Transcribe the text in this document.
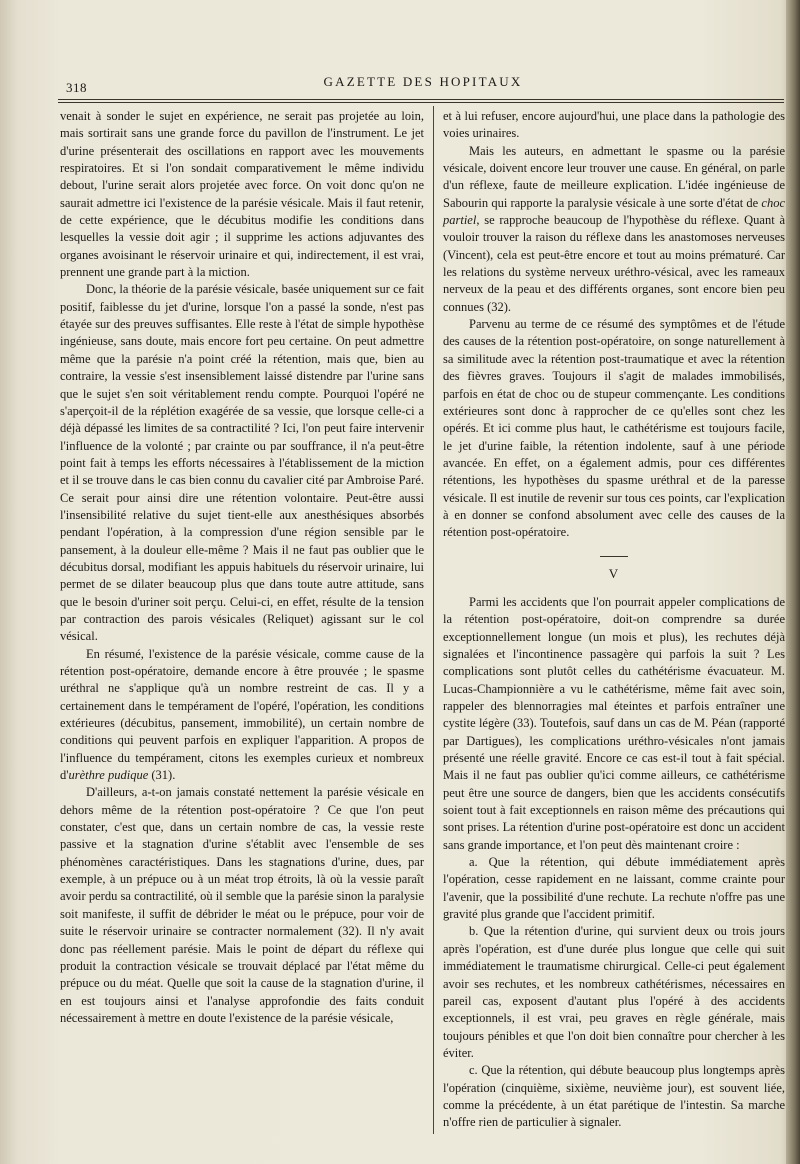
318	GAZETTE DES HOPITAUX

venait à sonder le sujet en expérience, ne serait pas projetée au loin, mais sortirait sans une grande force du pavillon de l'instrument. Le jet d'urine présenterait des oscillations en rapport avec les mouvements respiratoires. Et si l'on sondait comparativement le même individu debout, l'urine serait alors projetée avec force. On voit donc qu'on ne saurait admettre ici l'existence de la parésie vésicale. Mais il faut retenir, de cette expérience, que le décubitus modifie les conditions dans lesquelles la vessie doit agir ; il supprime les actions adjuvantes des organes avoisinant le réservoir urinaire et qui, indirectement, il est vrai, prennent une grande part à la miction.

Donc, la théorie de la parésie vésicale, basée uniquement sur ce fait positif, faiblesse du jet d'urine, lorsque l'on a passé la sonde, n'est pas étayée sur des preuves suffisantes. Elle reste à l'état de simple hypothèse ingénieuse, sans doute, mais encore fort peu certaine. On peut admettre même que la parésie n'a point créé la rétention, mais que, bien au contraire, la vessie s'est insensiblement laissé distendre par l'urine sans que le sujet s'en soit véritablement rendu compte. Pourquoi l'opéré ne s'aperçoit-il de la réplétion exagérée de sa vessie, que lorsque celle-ci a déjà dépassé les limites de sa contractilité ? Ici, l'on peut faire intervenir l'influence de la volonté ; par crainte ou par souffrance, il n'a peut-être point fait à temps les efforts nécessaires à l'établissement de la miction et il se trouve dans le cas bien connu du cavalier cité par Ambroise Paré. Ce serait pour ainsi dire une rétention volontaire. Peut-être aussi l'insensibilité relative du sujet tient-elle aux anesthésiques absorbés pendant l'opération, à la compression d'une région sensible par le pansement, à la douleur elle-même ? Mais il ne faut pas oublier que le décubitus dorsal, modifiant les appuis habituels du réservoir urinaire, lui permet de se dilater beaucoup plus que dans toute autre attitude, sans que le besoin d'uriner soit perçu. Celui-ci, en effet, résulte de la tension par contraction des parois vésicales (Reliquet) agissant sur le col vésical.

En résumé, l'existence de la parésie vésicale, comme cause de la rétention post-opératoire, demande encore à être prouvée ; le spasme uréthral ne s'applique qu'à un nombre restreint de cas. Il y a certainement dans le tempérament de l'opéré, l'opération, les conditions extérieures (décubitus, pansement, immobilité), un certain nombre de conditions qui peuvent parfois en expliquer l'apparition. A propos de l'influence du tempérament, citons les exemples curieux et nombreux d'urèthre pudique (31).

D'ailleurs, a-t-on jamais constaté nettement la parésie vésicale en dehors même de la rétention post-opératoire ? Ce que l'on peut constater, c'est que, dans un certain nombre de cas, la vessie reste passive et la stagnation d'urine s'établit avec l'ensemble de ses phénomènes caractéristiques. Dans les stagnations d'urine, dues, par exemple, à un prépuce ou à un méat trop étroits, là où la vessie paraît avoir perdu sa contractilité, où il semble que la parésie sinon la paralysie soit manifeste, il suffit de débrider le méat ou le prépuce, pour voir de suite le réservoir urinaire se contracter normalement (32). Il n'y avait donc pas réellement parésie. Mais le point de départ du réflexe qui produit la contraction vésicale se trouvait déplacé par l'état même du prépuce ou du méat. Quelle que soit la cause de la stagnation d'urine, il en est toujours ainsi et l'analyse approfondie des faits conduit nécessairement à mettre en doute l'existence de la parésie vésicale,

et à lui refuser, encore aujourd'hui, une place dans la pathologie des voies urinaires.

Mais les auteurs, en admettant le spasme ou la parésie vésicale, doivent encore leur trouver une cause. En général, on parle d'un réflexe, faute de meilleure explication. L'idée ingénieuse de Sabourin qui rapporte la paralysie vésicale à une sorte d'état de choc partiel, se rapproche beaucoup de l'hypothèse du réflexe. Quant à vouloir trouver la raison du réflexe dans les anastomoses nerveuses (Vincent), cela est peut-être encore et tout au moins prématuré. Car les relations du système nerveux uréthro-vésical, avec les rameaux nerveux de la peau et des différents organes, sont encore bien peu connues (32).

Parvenu au terme de ce résumé des symptômes et de l'étude des causes de la rétention post-opératoire, on songe naturellement à sa similitude avec la rétention post-traumatique et avec la rétention des fièvres graves. Toujours il s'agit de malades immobilisés, parfois en état de choc ou de stupeur commençante. Les conditions extérieures sont donc à rapprocher de ce qu'elles sont chez les opérés. Et ici comme plus haut, le cathétérisme est toujours facile, le jet d'urine faible, la rétention indolente, sauf à une période avancée. En effet, on a également admis, pour ces différentes rétentions, les hypothèses du spasme uréthral et de la paresse vésicale. Il est inutile de revenir sur tous ces points, car l'explication à en donner se confond absolument avec celle des causes de la rétention post-opératoire.

V

Parmi les accidents que l'on pourrait appeler complications de la rétention post-opératoire, doit-on comprendre sa durée exceptionnellement longue (un mois et plus), les rechutes déjà signalées et l'incontinence passagère qui parfois la suit ? Les complications sont plutôt celles du cathétérisme évacuateur. M. Lucas-Championnière a vu le cathétérisme, même fait avec soin, rappeler des blennorragies mal éteintes et parfois entraîner une cystite légère (33). Toutefois, sauf dans un cas de M. Péan (rapporté par Dartigues), les complications uréthro-vésicales n'ont jamais présenté une réelle gravité. Encore ce cas est-il tout à fait spécial. Mais il ne faut pas oublier qu'ici comme ailleurs, ce cathétérisme peut être une source de dangers, bien que les accidents consécutifs soient tout à fait exceptionnels en raison même des précautions qui sont prises. La rétention d'urine post-opératoire est donc un accident sans grande importance, et l'on peut dès maintenant croire :

a. Que la rétention, qui débute immédiatement après l'opération, cesse rapidement en ne laissant, comme crainte pour l'avenir, que la possibilité d'une rechute. La rechute n'offre pas une gravité plus grande que l'accident primitif.

b. Que la rétention d'urine, qui survient deux ou trois jours après l'opération, est d'une durée plus longue que celle qui suit immédiatement le traumatisme chirurgical. Celle-ci peut également avoir ses rechutes, et les nombreux cathétérismes, nécessaires en pareil cas, exposent d'autant plus l'opéré à des accidents exceptionnels, il est vrai, peu graves en règle générale, mais toujours pénibles et que l'on doit bien connaître pour chercher à les éviter.

c. Que la rétention, qui débute beaucoup plus longtemps après l'opération (cinquième, sixième, neuvième jour), est souvent liée, comme la précédente, à un état parétique de l'intestin. Sa marche n'offre rien de particulier à signaler.
